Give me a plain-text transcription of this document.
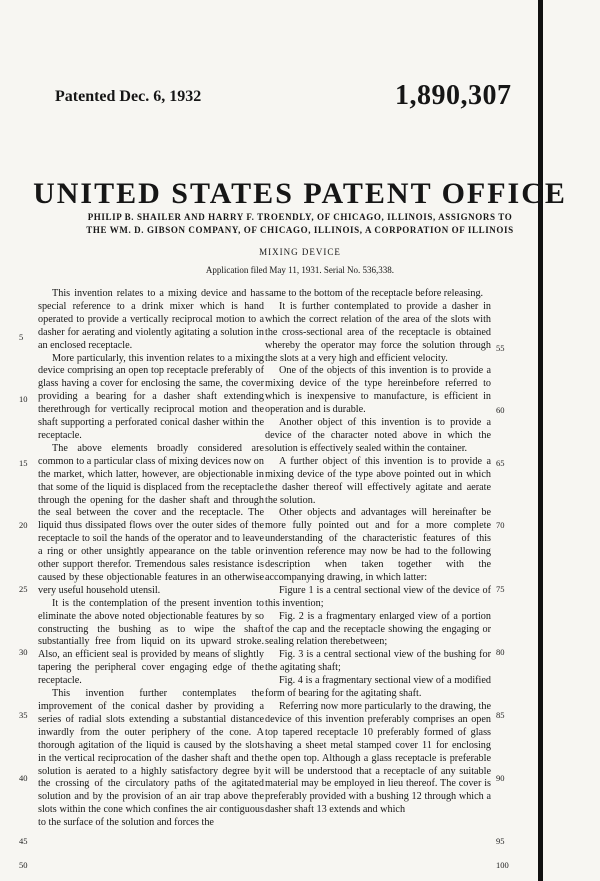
Patented Dec. 6, 1932	1,890,307
UNITED STATES PATENT OFFICE
PHILIP B. SHAILER AND HARRY F. TROENDLY, OF CHICAGO, ILLINOIS, ASSIGNORS TO
THE WM. D. GIBSON COMPANY, OF CHICAGO, ILLINOIS, A CORPORATION OF ILLINOIS
MIXING DEVICE
Application filed May 11, 1931. Serial No. 536,338.

This invention relates to a mixing device and has special reference to a drink mixer which is hand operated to provide a vertically reciprocal motion to a dasher for aerating and violently agitating a solution in an enclosed receptacle.

More particularly, this invention relates to a mixing device comprising an open top receptacle preferably of glass having a cover for enclosing the same, the cover providing a bearing for a dasher shaft extending therethrough for vertically reciprocal motion and the shaft supporting a perforated conical dasher within the receptacle.

The above elements broadly considered are common to a particular class of mixing devices now on the market, which latter, however, are objectionable in that some of the liquid is displaced from the receptacle through the opening for the dasher shaft and through the seal between the cover and the receptacle. The liquid thus dissipated flows over the outer sides of the receptacle to soil the hands of the operator and to leave a ring or other unsightly appearance on the table or other support therefor. Tremendous sales resistance is caused by these objectionable features in an otherwise very useful household utensil.

It is the contemplation of the present invention to eliminate the above noted objectionable features by so constructing the bushing as to wipe the shaft substantially free from liquid on its upward stroke. Also, an efficient seal is provided by means of slightly tapering the peripheral cover engaging edge of the receptacle.

This invention further contemplates the improvement of the conical dasher by providing a series of radial slots extending a substantial distance inwardly from the outer periphery of the cone. A thorough agitation of the liquid is caused by the slots in the vertical reciprocation of the dasher shaft and the solution is aerated to a highly satisfactory degree by the crossing of the circulatory paths of the agitated solution and by the provision of an air trap above the slots within the cone which confines the air contiguous to the surface of the solution and forces the

same to the bottom of the receptacle before releasing.

It is further contemplated to provide a dasher in which the correct relation of the area of the slots with the cross-sectional area of the receptacle is obtained whereby the operator may force the solution through the slots at a very high and efficient velocity.

One of the objects of this invention is to provide a mixing device of the type hereinbefore referred to which is inexpensive to manufacture, is efficient in operation and is durable.

Another object of this invention is to provide a device of the character noted above in which the solution is effectively sealed within the container.

A further object of this invention is to provide a mixing device of the type above pointed out in which the dasher thereof will effectively agitate and aerate the solution.

Other objects and advantages will hereinafter be more fully pointed out and for a more complete understanding of the characteristic features of this invention reference may now be had to the following description when taken together with the accompanying drawing, in which latter:

Figure 1 is a central sectional view of the device of this invention;

Fig. 2 is a fragmentary enlarged view of a portion of the cap and the receptacle showing the engaging or sealing relation therebetween;

Fig. 3 is a central sectional view of the bushing for the agitating shaft;

Fig. 4 is a fragmentary sectional view of a modified form of bearing for the agitating shaft.

Referring now more particularly to the drawing, the device of this invention preferably comprises an open top tapered receptacle 10 preferably formed of glass having a sheet metal stamped cover 11 for enclosing the open top. Although a glass receptacle is preferable it will be understood that a receptacle of any suitable material may be employed in lieu thereof. The cover is preferably provided with a bushing 12 through which a dasher shaft 13 extends and which

5
10
15
20
25
30
35
40
45
50
55
60
65
70
75
80
85
90
95
100
